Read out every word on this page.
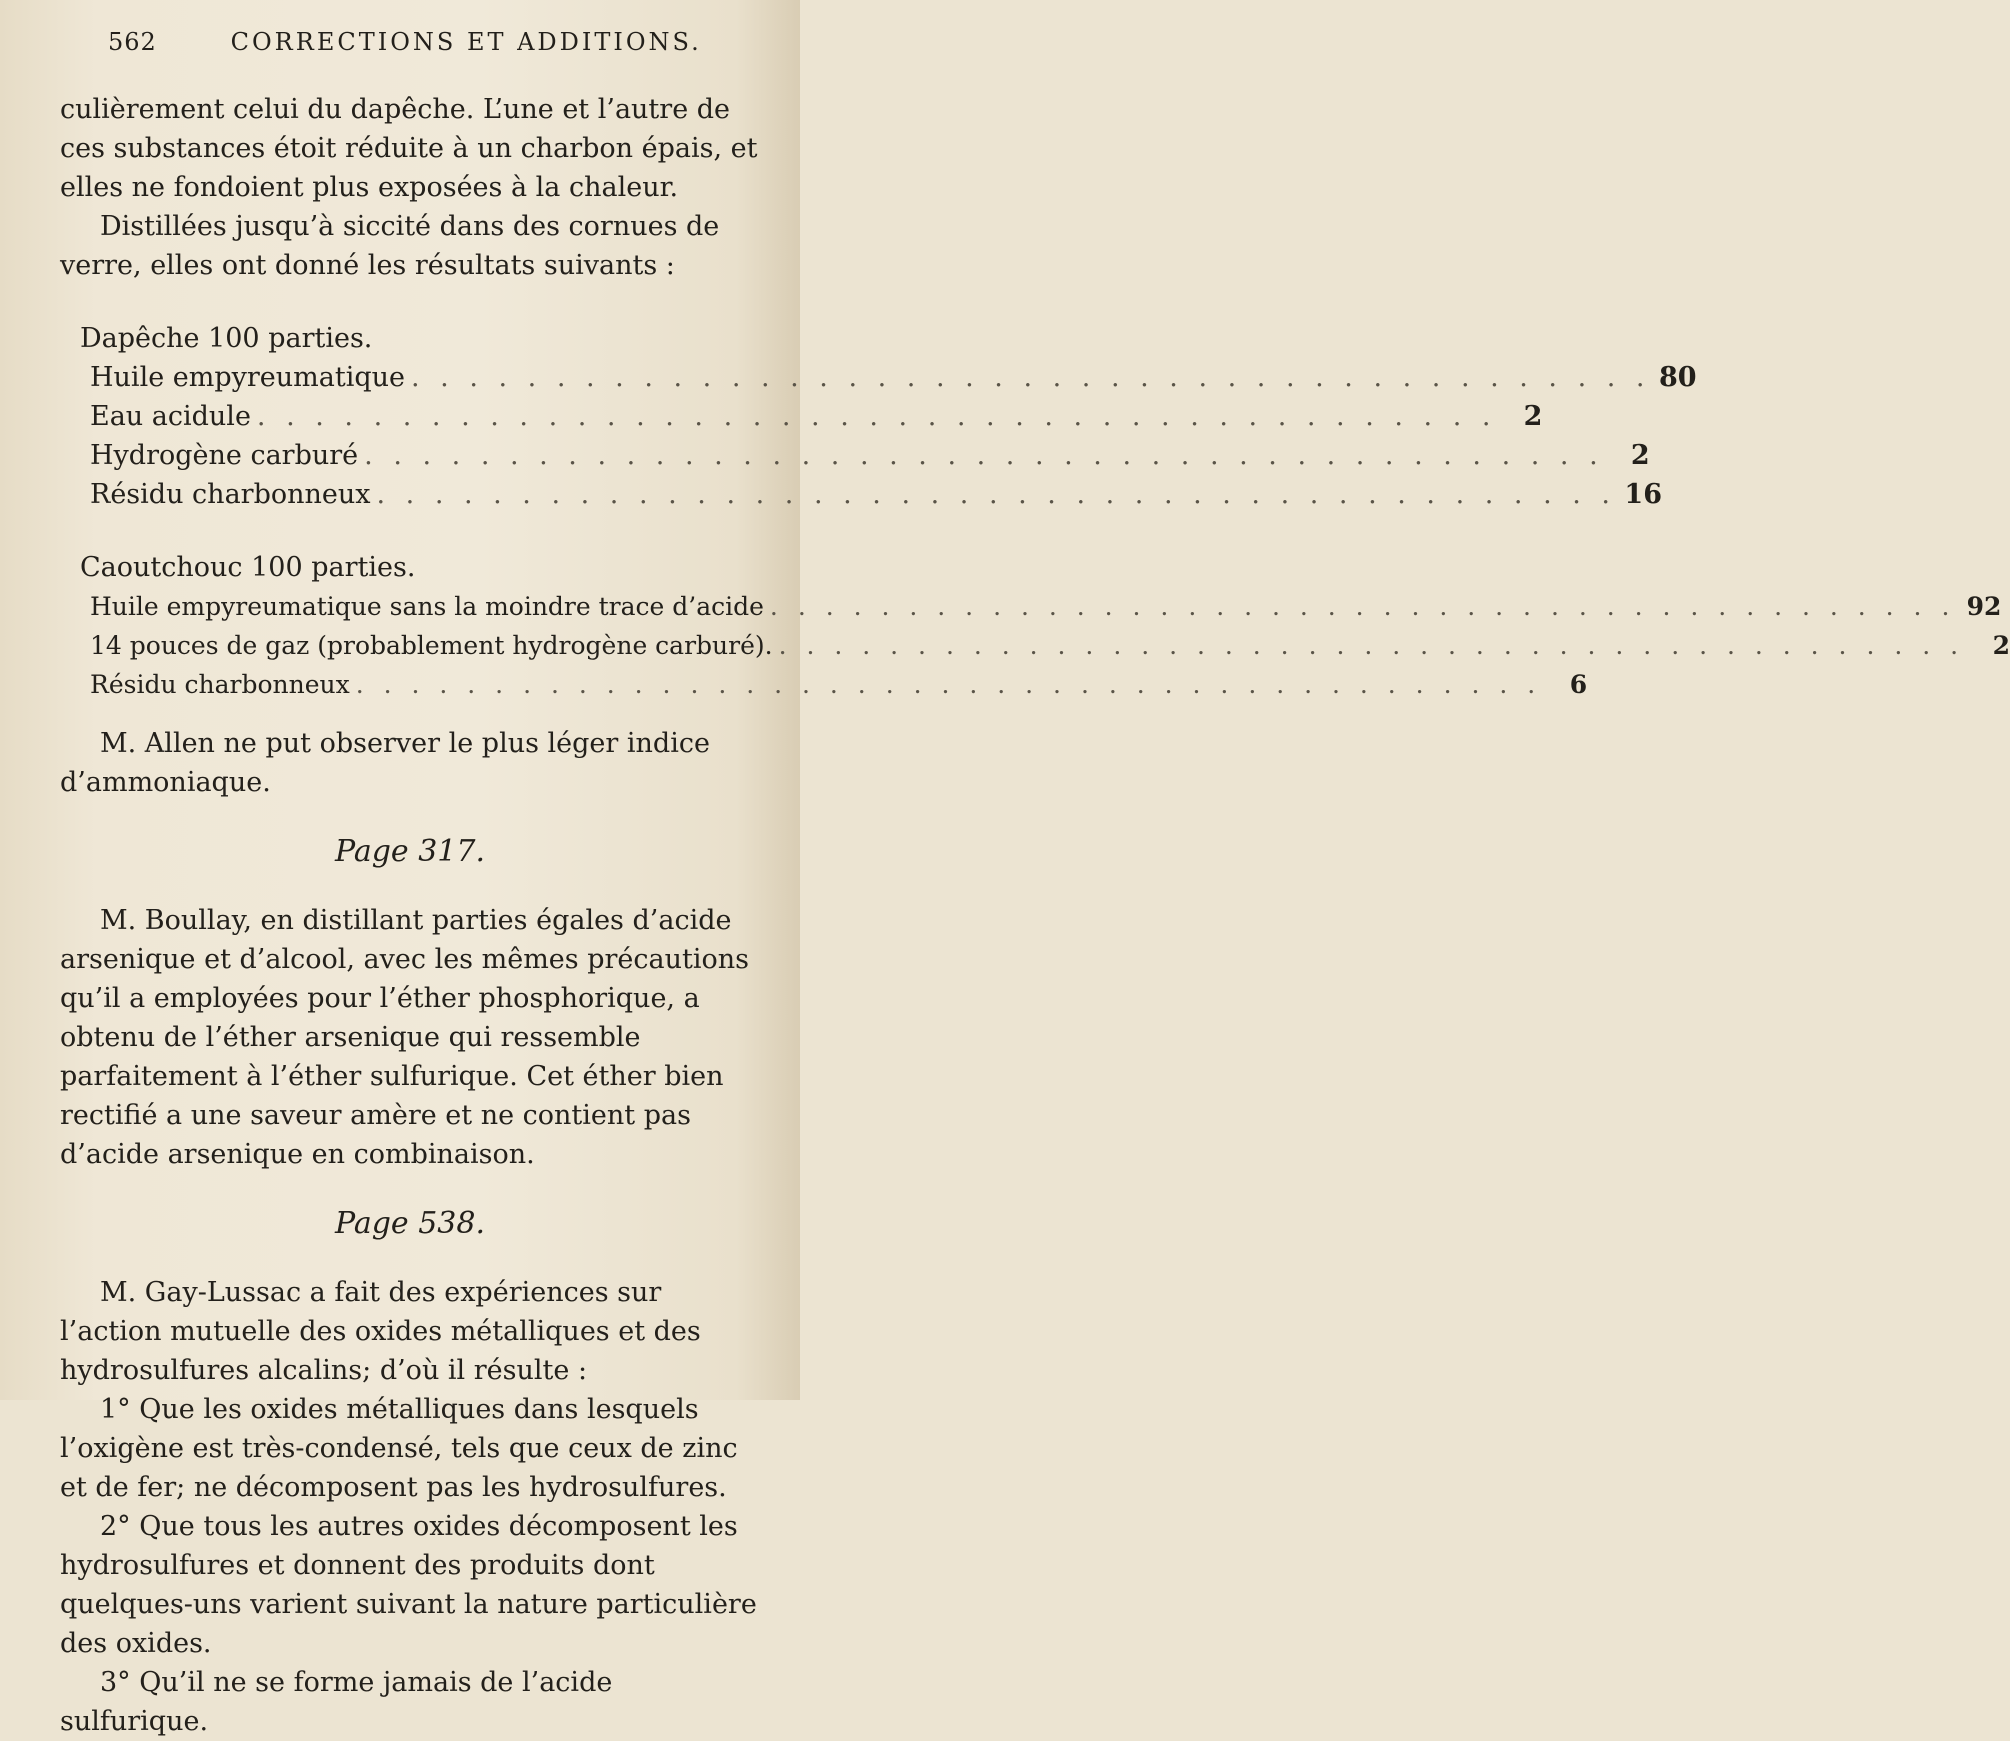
562	CORRECTIONS ET ADDITIONS.

culièrement celui du dapêche. L’une et l’autre de ces substances étoit réduite à un charbon épais, et elles ne fondoient plus exposées à la chaleur.

Distillées jusqu’à siccité dans des cornues de verre, elles ont donné les résultats suivants :

Dapêche 100 parties.

Huile empyreumatique . . .	80
Eau acidule . . .	2
Hydrogène carburé . . .	2
Résidu charbonneux . . .	16

Caoutchouc 100 parties.

Huile empyreumatique sans la moindre trace d’acide . . .	92
14 pouces de gaz (probablement hydrogène carburé). . . .	2
Résidu charbonneux . . .	6

M. Allen ne put observer le plus léger indice d’ammoniaque.

Page 317.

M. Boullay, en distillant parties égales d’acide arsenique et d’alcool, avec les mêmes précautions qu’il a employées pour l’éther phosphorique, a obtenu de l’éther arsenique qui ressemble parfaitement à l’éther sulfurique. Cet éther bien rectifié a une saveur amère et ne contient pas d’acide arsenique en combinaison.

Page 538.

M. Gay-Lussac a fait des expériences sur l’action mutuelle des oxides métalliques et des hydrosulfures alcalins; d’où il résulte :

1° Que les oxides métalliques dans lesquels l’oxigène est très-condensé, tels que ceux de zinc et de fer; ne décomposent pas les hydrosulfures.

2° Que tous les autres oxides décomposent les hydrosulfures et donnent des produits dont quelques-uns varient suivant la nature particulière des oxides.

3° Qu’il ne se forme jamais de l’acide sulfurique.
